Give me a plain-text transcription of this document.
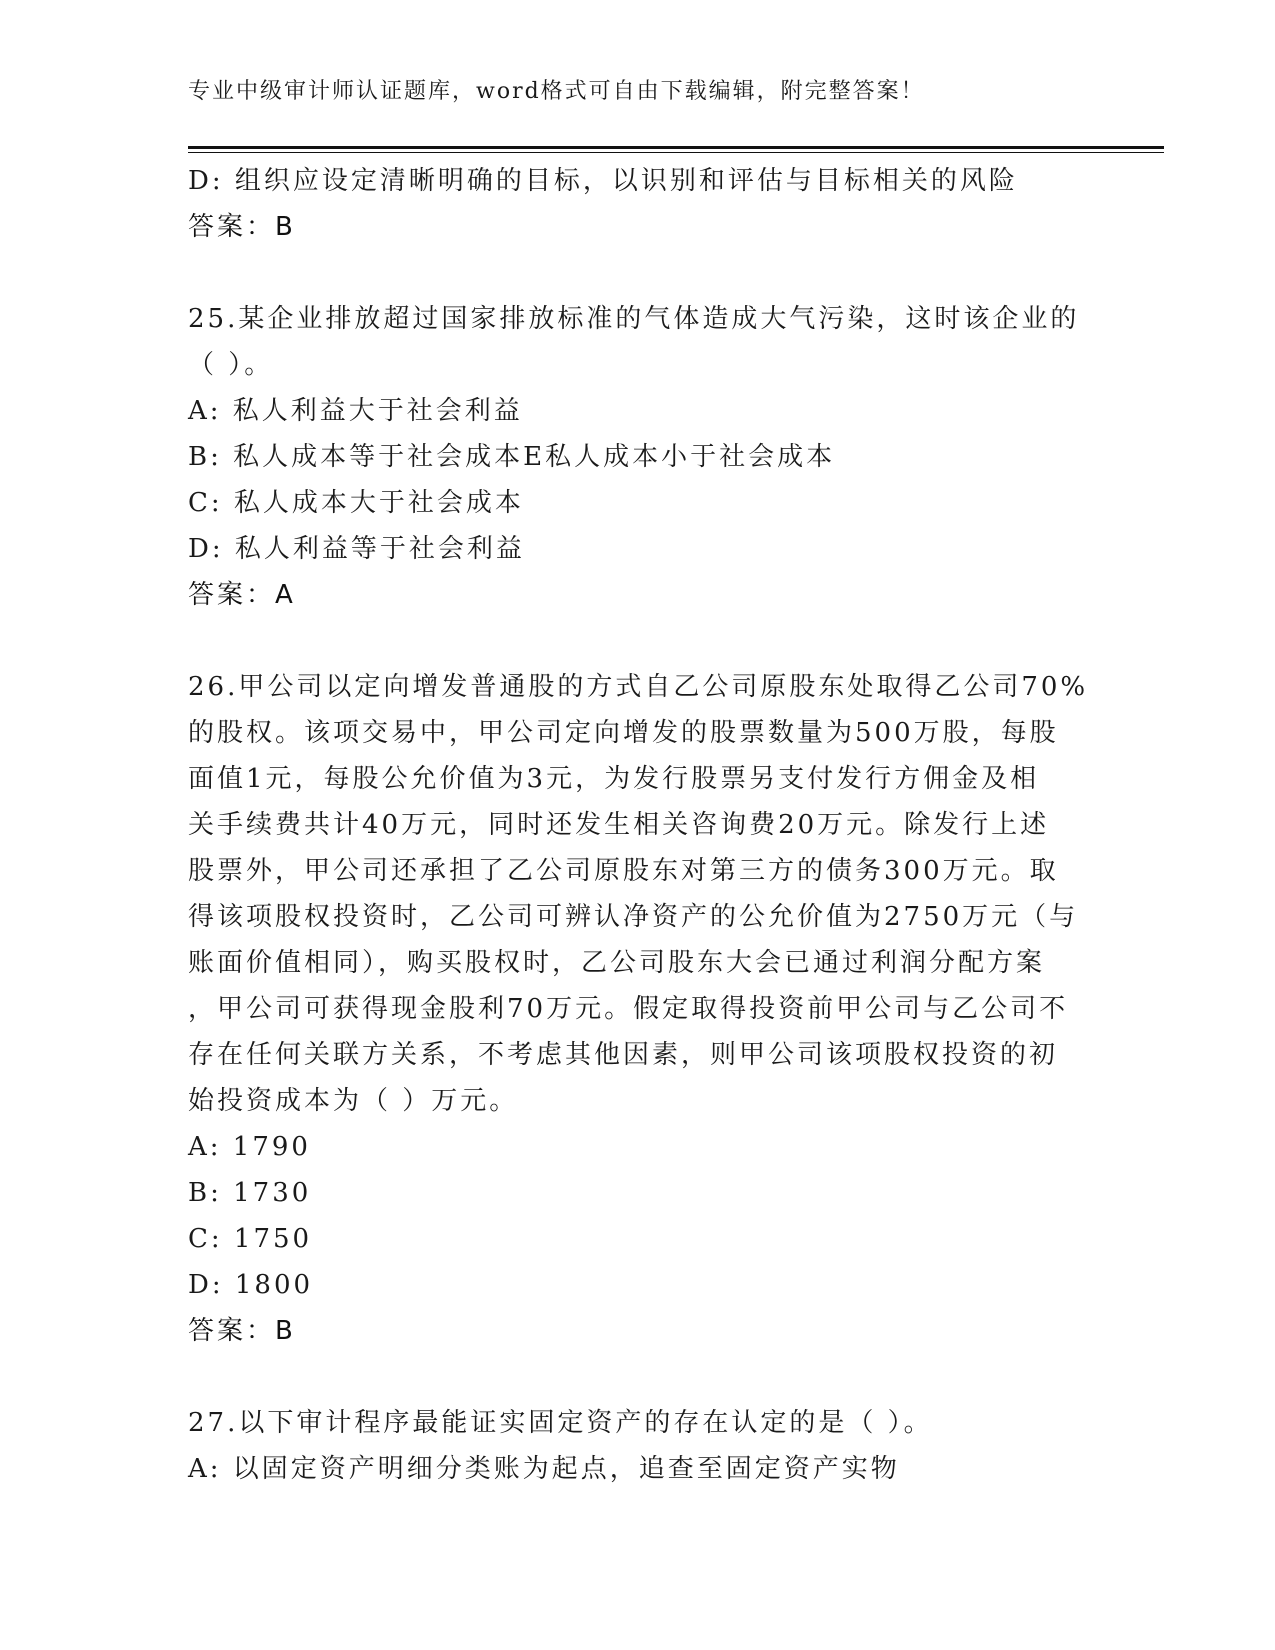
专业中级审计师认证题库，word格式可自由下载编辑，附完整答案！
D: 组织应设定清晰明确的目标，以识别和评估与目标相关的风险
答案：B
25.某企业排放超过国家排放标准的气体造成大气污染，这时该企业的
（ ）。
A: 私人利益大于社会利益
B: 私人成本等于社会成本E私人成本小于社会成本
C: 私人成本大于社会成本
D: 私人利益等于社会利益
答案：A
26.甲公司以定向增发普通股的方式自乙公司原股东处取得乙公司70%
的股权。该项交易中，甲公司定向增发的股票数量为500万股，每股
面值1元，每股公允价值为3元，为发行股票另支付发行方佣金及相
关手续费共计40万元，同时还发生相关咨询费20万元。除发行上述
股票外，甲公司还承担了乙公司原股东对第三方的债务300万元。取
得该项股权投资时，乙公司可辨认净资产的公允价值为2750万元（与
账面价值相同），购买股权时，乙公司股东大会已通过利润分配方案
，甲公司可获得现金股利70万元。假定取得投资前甲公司与乙公司不
存在任何关联方关系，不考虑其他因素，则甲公司该项股权投资的初
始投资成本为（ ）万元。
A: 1790
B: 1730
C: 1750
D: 1800
答案：B
27.以下审计程序最能证实固定资产的存在认定的是（ ）。
A: 以固定资产明细分类账为起点，追查至固定资产实物
